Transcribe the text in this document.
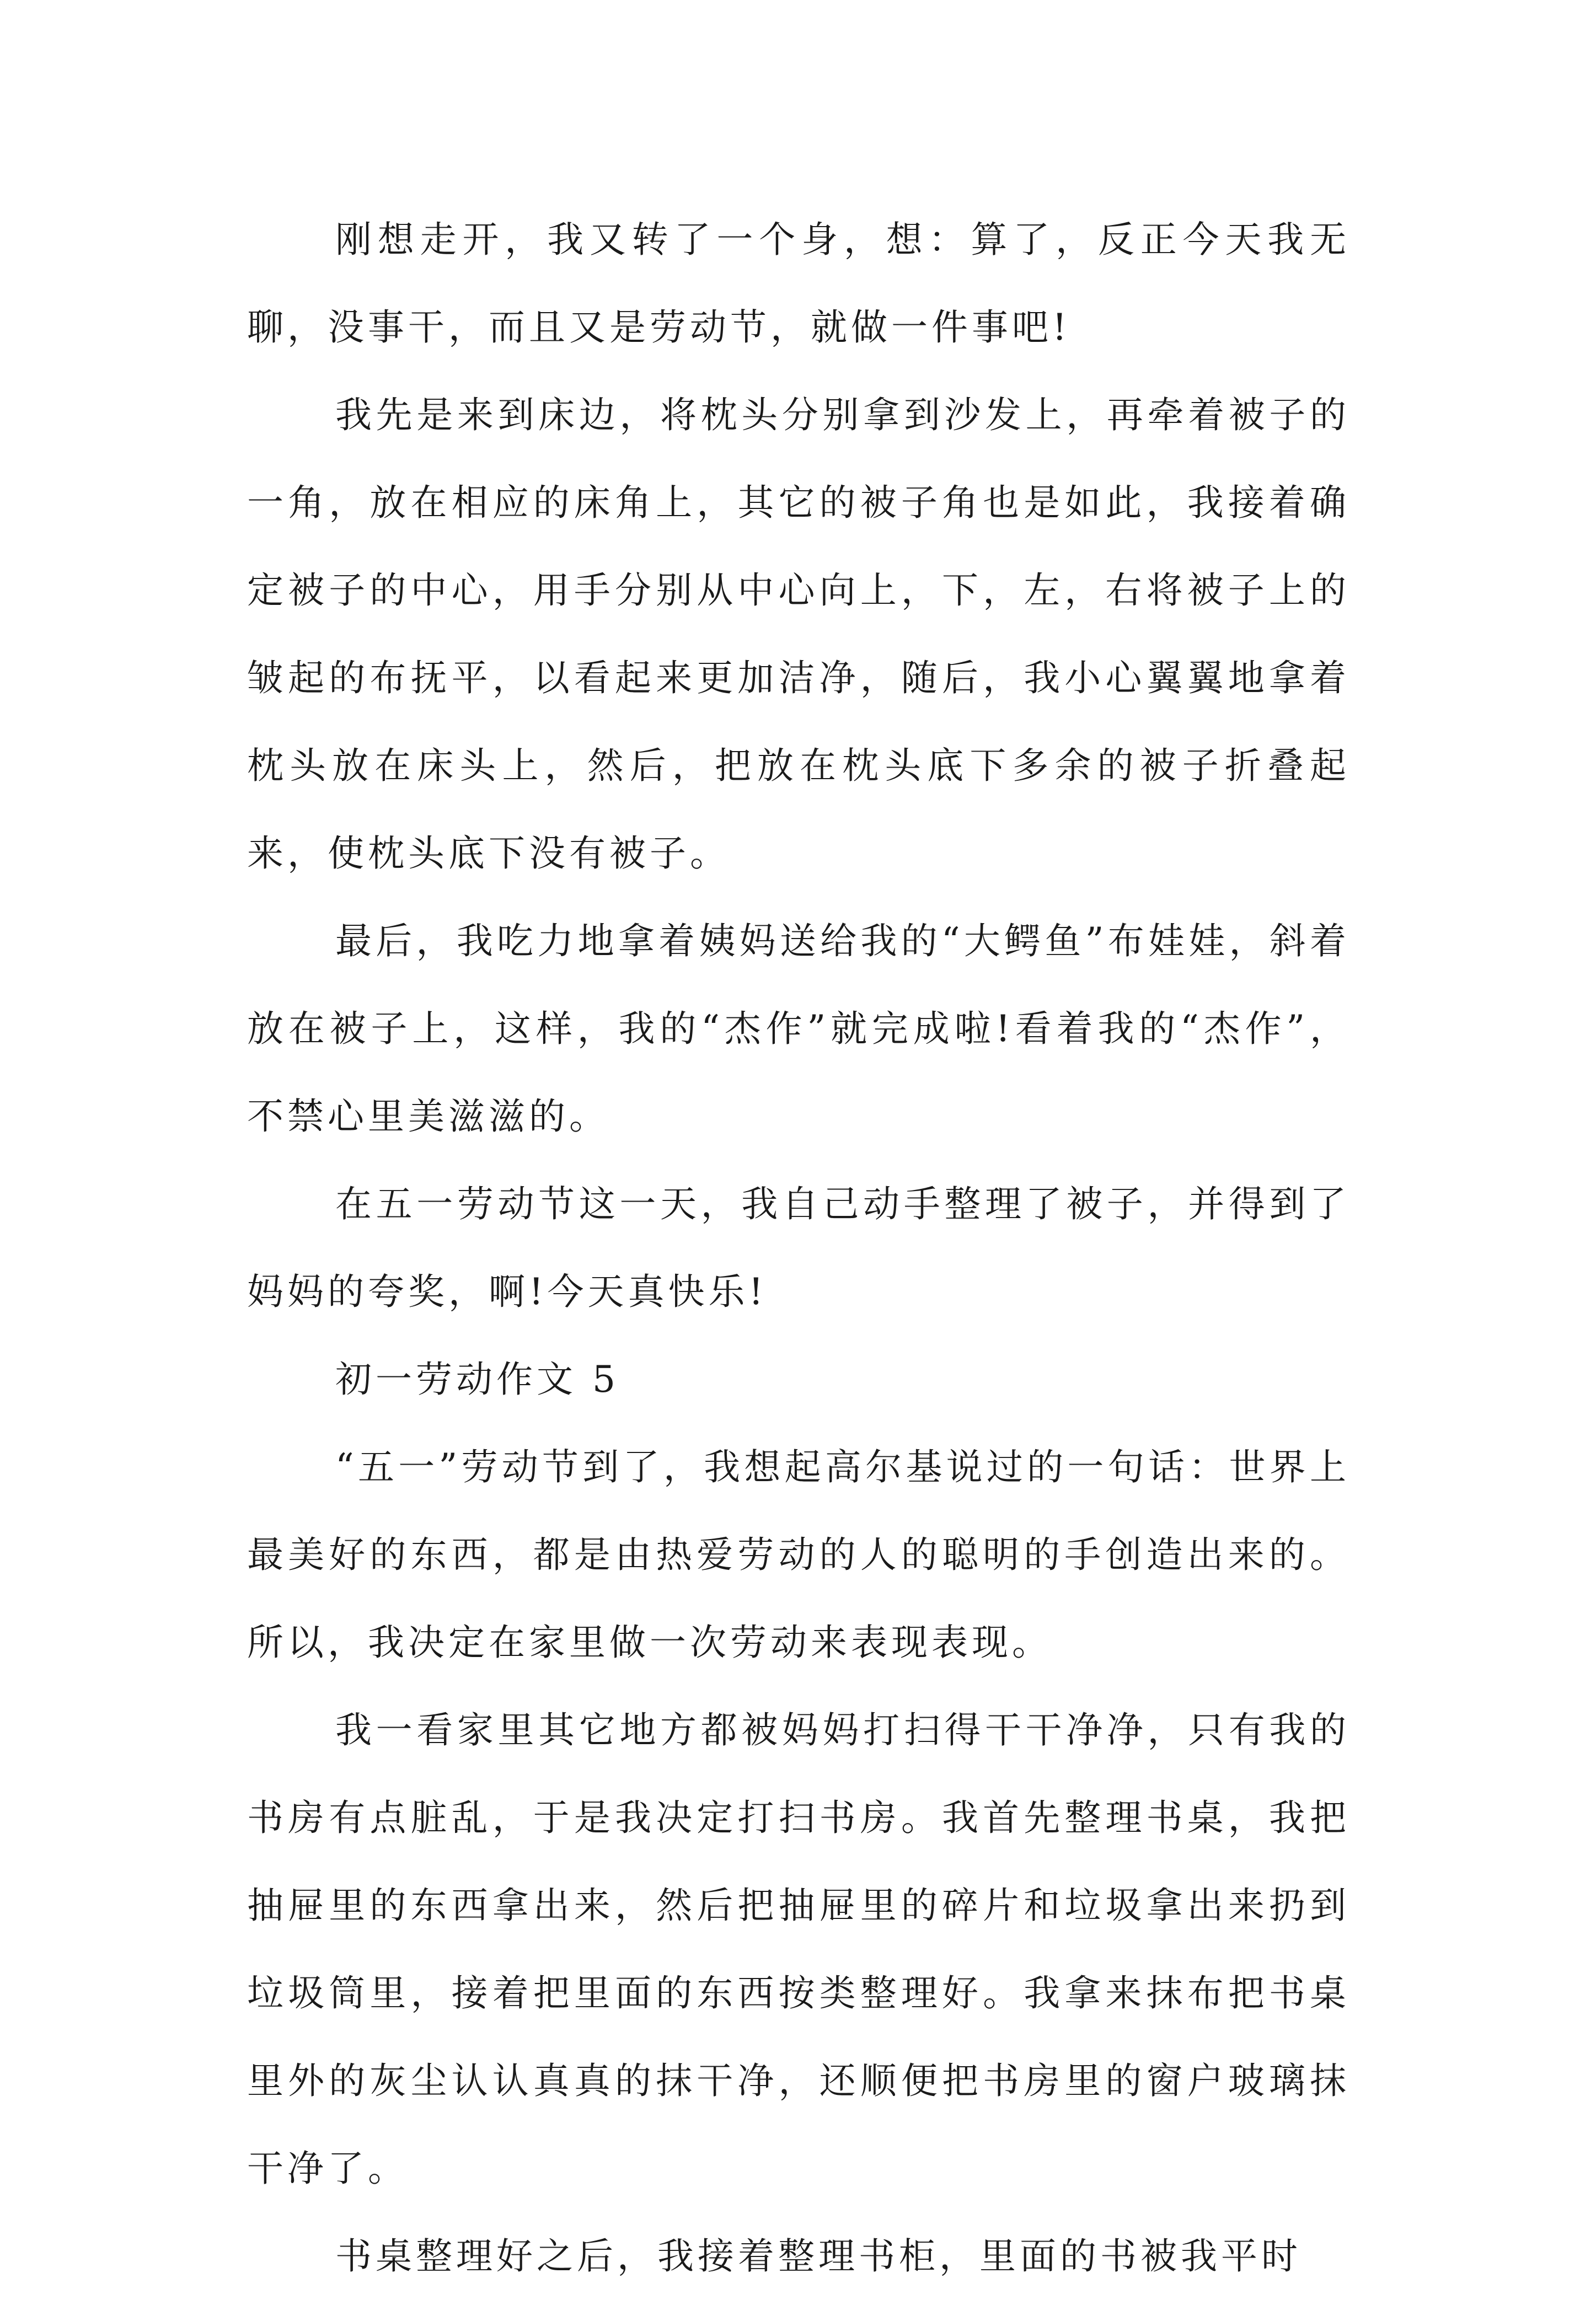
刚想走开，我又转了一个身，想：算了，反正今天我无聊，没事干，而且又是劳动节，就做一件事吧!

我先是来到床边，将枕头分别拿到沙发上，再牵着被子的一角，放在相应的床角上，其它的被子角也是如此，我接着确定被子的中心，用手分别从中心向上，下，左，右将被子上的皱起的布抚平，以看起来更加洁净，随后，我小心翼翼地拿着枕头放在床头上，然后，把放在枕头底下多余的被子折叠起来，使枕头底下没有被子。

最后，我吃力地拿着姨妈送给我的“大鳄鱼”布娃娃，斜着放在被子上，这样，我的“杰作”就完成啦!看着我的“杰作”，不禁心里美滋滋的。

在五一劳动节这一天，我自己动手整理了被子，并得到了妈妈的夸奖，啊!今天真快乐!

初一劳动作文 5

“五一”劳动节到了，我想起高尔基说过的一句话：世界上最美好的东西，都是由热爱劳动的人的聪明的手创造出来的。所以，我决定在家里做一次劳动来表现表现。

我一看家里其它地方都被妈妈打扫得干干净净，只有我的书房有点脏乱，于是我决定打扫书房。我首先整理书桌，我把抽屉里的东西拿出来，然后把抽屉里的碎片和垃圾拿出来扔到垃圾筒里，接着把里面的东西按类整理好。我拿来抹布把书桌里外的灰尘认认真真的抹干净，还顺便把书房里的窗户玻璃抹干净了。

书桌整理好之后，我接着整理书柜，里面的书被我平时
